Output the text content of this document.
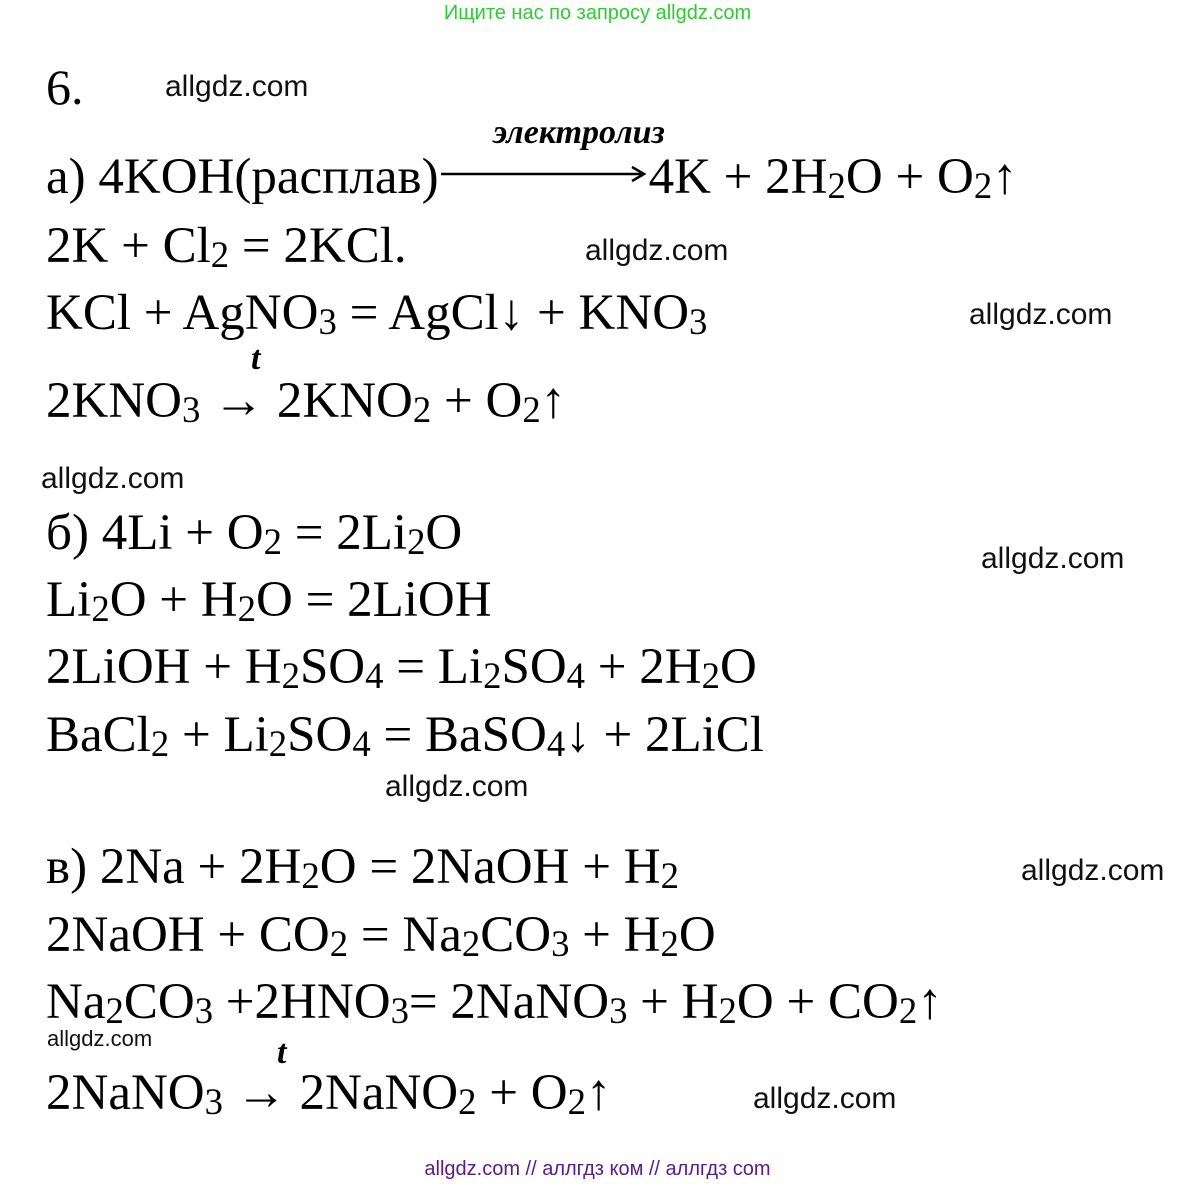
Ищите нас по запросу allgdz.com
6.	allgdz.com
allgdz.com
allgdz.com
allgdz.com
allgdz.com
allgdz.com
allgdz.com
allgdz.com
allgdz.com
электролиз
а) 4KOH(расплав)	$4K + 2H_2O$ + $O_2↑$
$2K + Cl_2 = 2KCl$.
KCl + AgNO$_3$ = AgCl↓ + $KNO_3$
t
$2KNO_3 \to 2KNO_2$ + $O_2↑$
б) $4Li + O_2 = 2Li_2O$
$Li_2O + H_2O$ = 2LiOH
2LiOH + $H_2SO_4 = Li_2SO_4 + 2H_2O$
BaCl$_2$ + $Li_2SO_4$ = BaSO$_4$↓ + 2LiCl
в) $2Na + 2H_2O$ = 2NaOH + $H_2$
2NaOH + $CO_2 = Na_2CO_3 + H_2O$
$Na_2CO_3 +2HNO_3=$ 2NaNO$_3$ + $H_2O$ + $CO_2↑$
t
2NaNO$_3$ → 2NaNO$_2$ + $O_2↑$
allgdz.com // аллгдз ком // аллгдз com
